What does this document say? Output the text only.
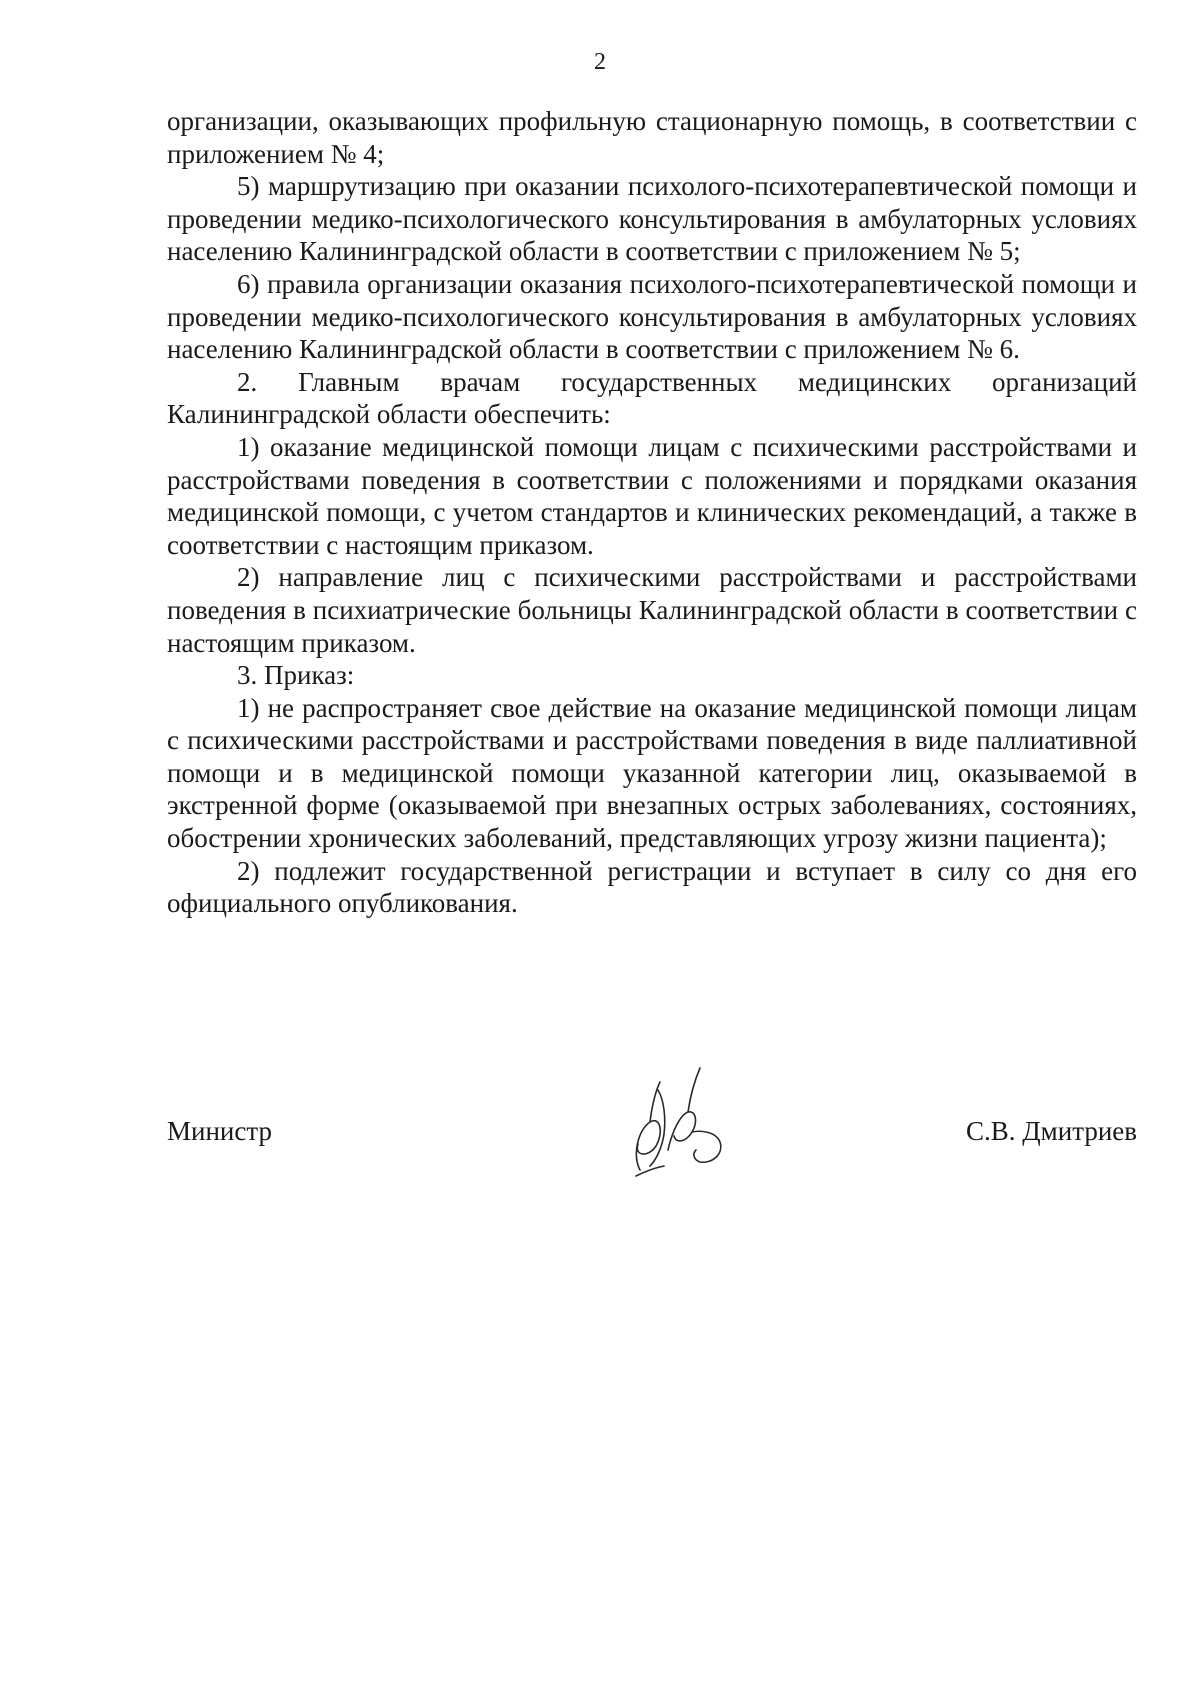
2

организации, оказывающих профильную стационарную помощь, в соответствии с приложением № 4;

5) маршрутизацию при оказании психолого-психотерапевтической помощи и проведении медико-психологического консультирования в амбулаторных условиях населению Калининградской области в соответствии с приложением № 5;

6) правила организации оказания психолого-психотерапевтической помощи и проведении медико-психологического консультирования в амбулаторных условиях населению Калининградской области в соответствии с приложением № 6.

2. Главным врачам государственных медицинских организаций Калининградской области обеспечить:

1) оказание медицинской помощи лицам с психическими расстройствами и расстройствами поведения в соответствии с положениями и порядками оказания медицинской помощи, с учетом стандартов и клинических рекомендаций, а также в соответствии с настоящим приказом.

2) направление лиц с психическими расстройствами и расстройствами поведения в психиатрические больницы Калининградской области в соответствии с настоящим приказом.

3. Приказ:

1) не распространяет свое действие на оказание медицинской помощи лицам с психическими расстройствами и расстройствами поведения в виде паллиативной помощи и в медицинской помощи указанной категории лиц, оказываемой в экстренной форме (оказываемой при внезапных острых заболеваниях, состояниях, обострении хронических заболеваний, представляющих угрозу жизни пациента);

2) подлежит государственной регистрации и вступает в силу со дня его официального опубликования.

Министр	С.В. Дмитриев
